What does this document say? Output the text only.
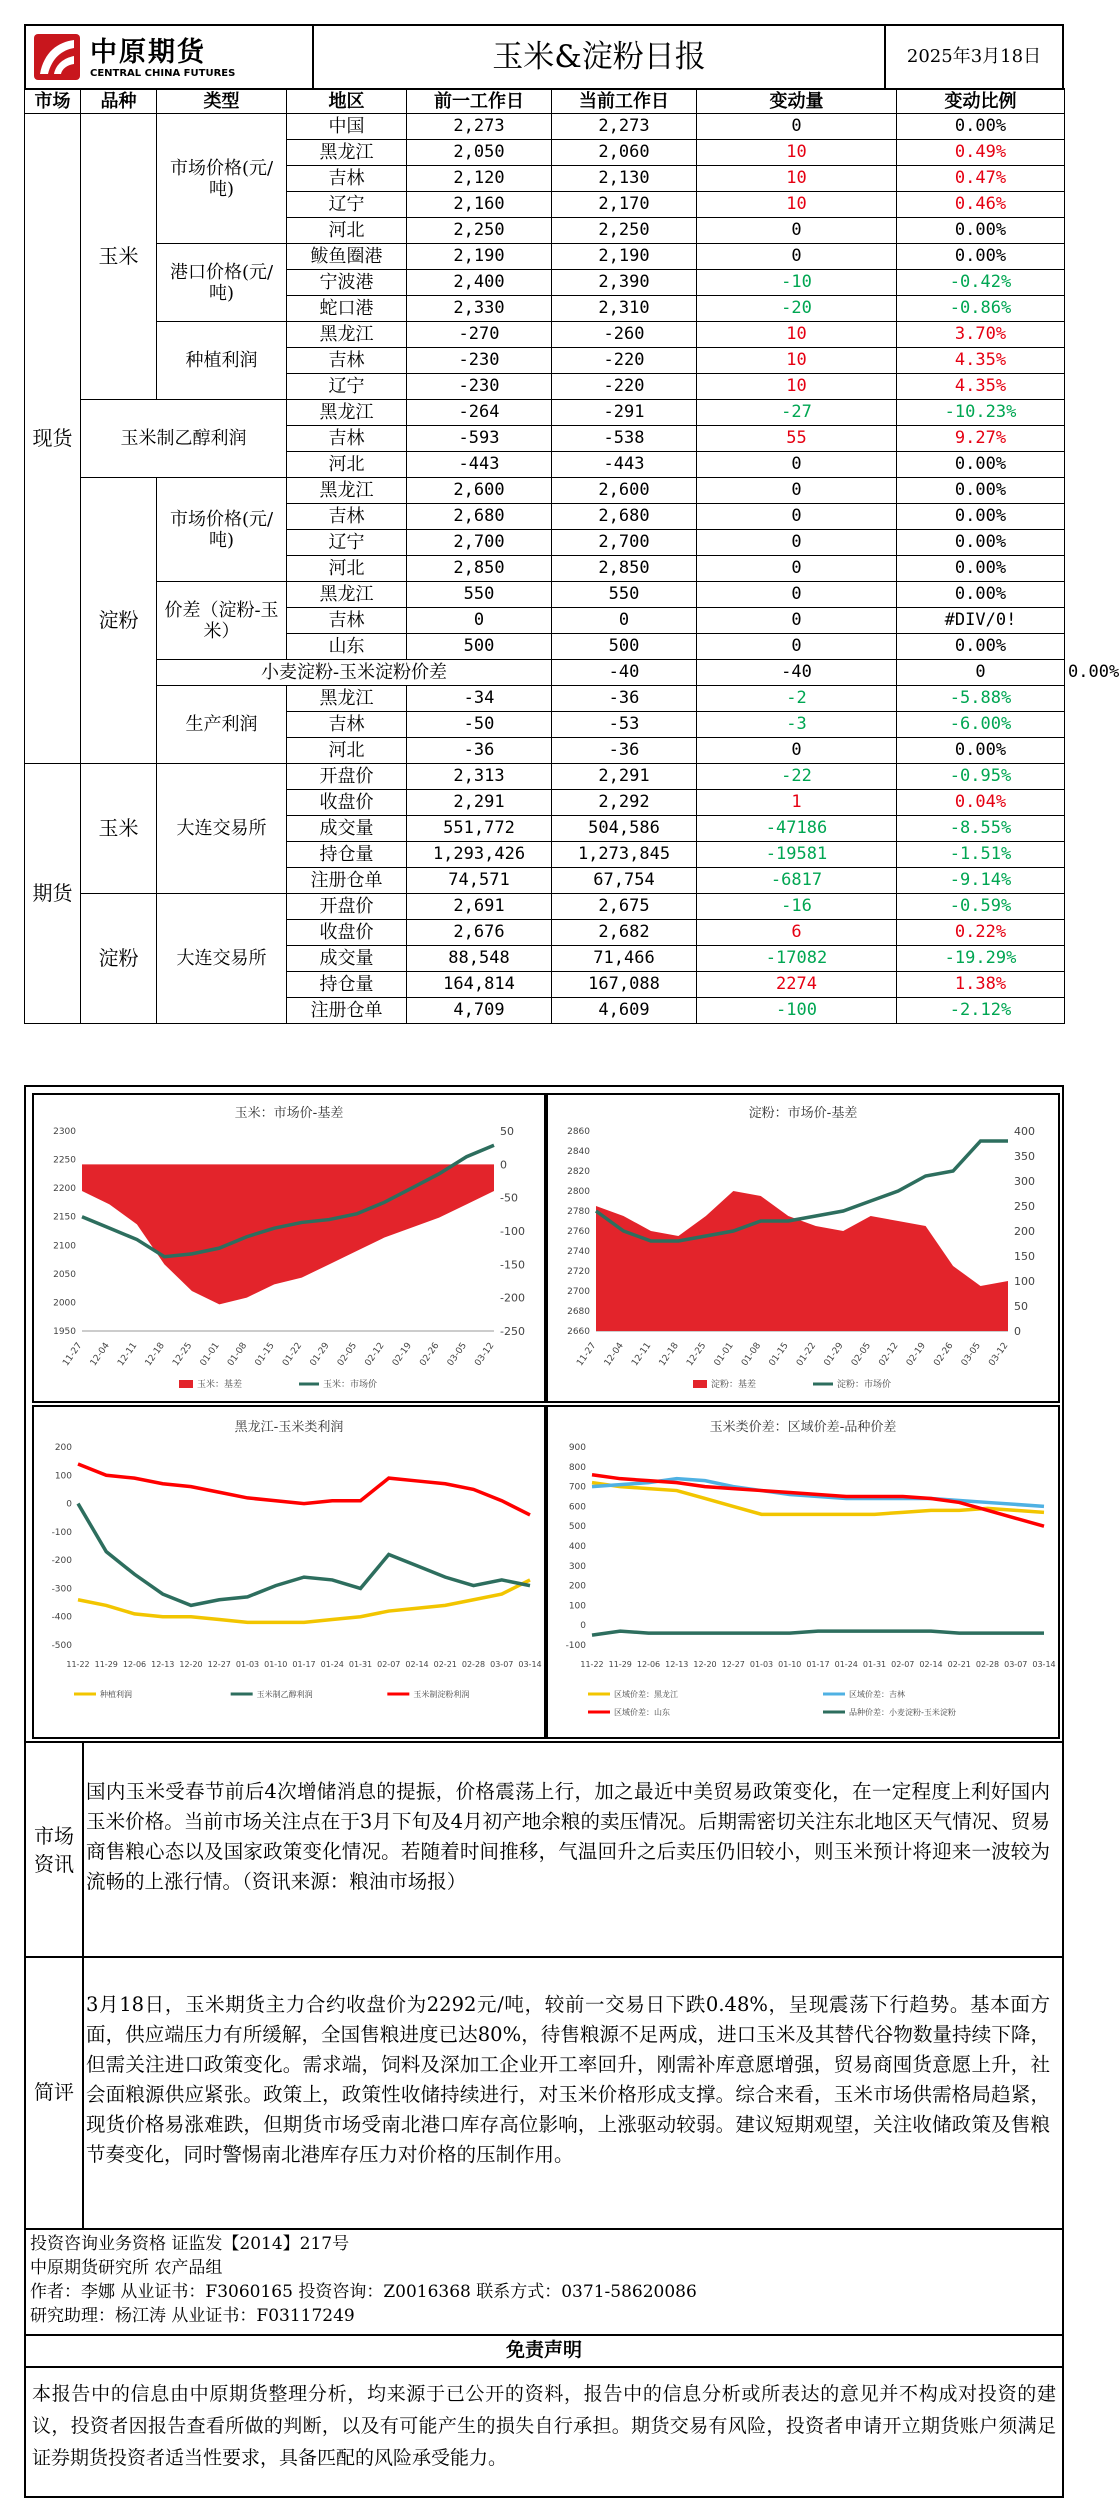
中原期货
CENTRAL CHINA FUTURES	玉米&淀粉日报	2025年3月18日
市场	品种	类型	地区	前一工作日	当前工作日	变动量	变动比例	
现货	玉米	市场价格(元/吨)	中国	2,273	2,273	0	0.00%	
			黑龙江	2,050	2,060	10	0.49%	
			吉林	2,120	2,130	10	0.47%	
			辽宁	2,160	2,170	10	0.46%	
			河北	2,250	2,250	0	0.00%	
		港口价格(元/吨)	鲅鱼圈港	2,190	2,190	0	0.00%	
			宁波港	2,400	2,390	-10	-0.42%	
			蛇口港	2,330	2,310	-20	-0.86%	
		种植利润	黑龙江	-270	-260	10	3.70%	
			吉林	-230	-220	10	4.35%	
			辽宁	-230	-220	10	4.35%	
	玉米制乙醇利润		黑龙江	-264	-291	-27	-10.23%	
			吉林	-593	-538	55	9.27%	
			河北	-443	-443	0	0.00%	
	淀粉	市场价格(元/吨)	黑龙江	2,600	2,600	0	0.00%	
			吉林	2,680	2,680	0	0.00%	
			辽宁	2,700	2,700	0	0.00%	
			河北	2,850	2,850	0	0.00%	
		价差（淀粉-玉米）	黑龙江	550	550	0	0.00%	
			吉林	0	0	0	#DIV/0!	
			山东	500	500	0	0.00%	
		小麦淀粉-玉米淀粉价差			-40	-40	0	0.00%
		生产利润	黑龙江	-34	-36	-2	-5.88%	
			吉林	-50	-53	-3	-6.00%	
			河北	-36	-36	0	0.00%	
期货	玉米	大连交易所	开盘价	2,313	2,291	-22	-0.95%	
			收盘价	2,291	2,292	1	0.04%	
			成交量	551,772	504,586	-47186	-8.55%	
			持仓量	1,293,426	1,273,845	-19581	-1.51%	
			注册仓单	74,571	67,754	-6817	-9.14%	
	淀粉	大连交易所	开盘价	2,691	2,675	-16	-0.59%	
			收盘价	2,676	2,682	6	0.22%	
			成交量	88,548	71,466	-17082	-19.29%	
			持仓量	164,814	167,088	2274	1.38%	
			注册仓单	4,709	4,609	-100	-2.12%	
玉米：市场价-基差
1950
2000
2050
2100
2150
2200
2250
2300
-250
-200
-150
-100
-50
0
50
11-27 12-04 12-11 12-18 12-25 01-01 01-08 01-15 01-22 01-29 02-05 02-12 02-19 02-26 03-05 03-12
玉米：基差	玉米：市场价
淀粉：市场价-基差
2660
2680
2700
2720
2740
2760
2780
2800
2820
2840
2860
0
50
100
150
200
250
300
350
400
11-27 12-04 12-11 12-18 12-25 01-01 01-08 01-15 01-22 01-29 02-05 02-12 02-19 02-26 03-05 03-12
淀粉：基差	淀粉：市场价
黑龙江-玉米类利润
-500
-400
-300
-200
-100
0
100
200
11-22 11-29 12-06 12-13 12-20 12-27 01-03 01-10 01-17 01-24 01-31 02-07 02-14 02-21 02-28 03-07 03-14
种植利润	玉米制乙醇利润	玉米制淀粉利润
玉米类价差：区域价差-品种价差
-100
0
100
200
300
400
500
600
700
800
900
11-22 11-29 12-06 12-13 12-20 12-27 01-03 01-10 01-17 01-24 01-31 02-07 02-14 02-21 02-28 03-07 03-14
区域价差：黑龙江	区域价差：吉林
区域价差：山东	品种价差：小麦淀粉-玉米淀粉
市场资讯
国内玉米受春节前后4次增储消息的提振，价格震荡上行，加之最近中美贸易政策变化，在一定程度上利好国内玉米价格。当前市场关注点在于3月下旬及4月初产地余粮的卖压情况。后期需密切关注东北地区天气情况、贸易商售粮心态以及国家政策变化情况。若随着时间推移，气温回升之后卖压仍旧较小，则玉米预计将迎来一波较为流畅的上涨行情。（资讯来源：粮油市场报）
简评
3月18日，玉米期货主力合约收盘价为2292元/吨，较前一交易日下跌0.48%，呈现震荡下行趋势。基本面方面，供应端压力有所缓解，全国售粮进度已达80%，待售粮源不足两成，进口玉米及其替代谷物数量持续下降，但需关注进口政策变化。需求端，饲料及深加工企业开工率回升，刚需补库意愿增强，贸易商囤货意愿上升，社会面粮源供应紧张。政策上，政策性收储持续进行，对玉米价格形成支撑。综合来看，玉米市场供需格局趋紧，现货价格易涨难跌，但期货市场受南北港口库存高位影响，上涨驱动较弱。建议短期观望，关注收储政策及售粮节奏变化，同时警惕南北港库存压力对价格的压制作用。

投资咨询业务资格 证监发【2014】217号

中原期货研究所 农产品组

作者：李娜 从业证书：F3060165 投资咨询：Z0016368 联系方式：0371-58620086

研究助理：杨江涛 从业证书：F03117249

免责声明
本报告中的信息由中原期货整理分析，均来源于已公开的资料，报告中的信息分析或所表达的意见并不构成对投资的建议，投资者因报告查看所做的判断，以及有可能产生的损失自行承担。期货交易有风险，投资者申请开立期货账户须满足证券期货投资者适当性要求，具备匹配的风险承受能力。
